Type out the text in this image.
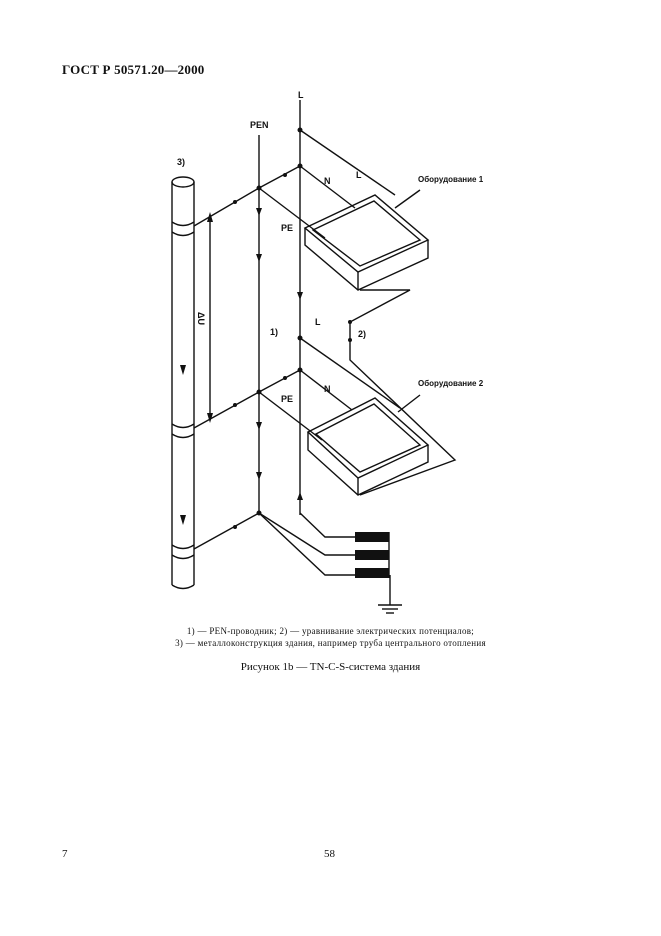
ГОСТ Р 50571.20—2000
L
PEN
3)
N
L	Оборудование 1
PE
ΔU
1)
L
2)
Оборудование 2
N
PE
1) — PEN-проводник; 2) — уравнивание электрических потенциалов;
3) — металлоконструкция здания, например труба центрального отопления
Рисунок 1b — TN-C-S-система здания
7	58
